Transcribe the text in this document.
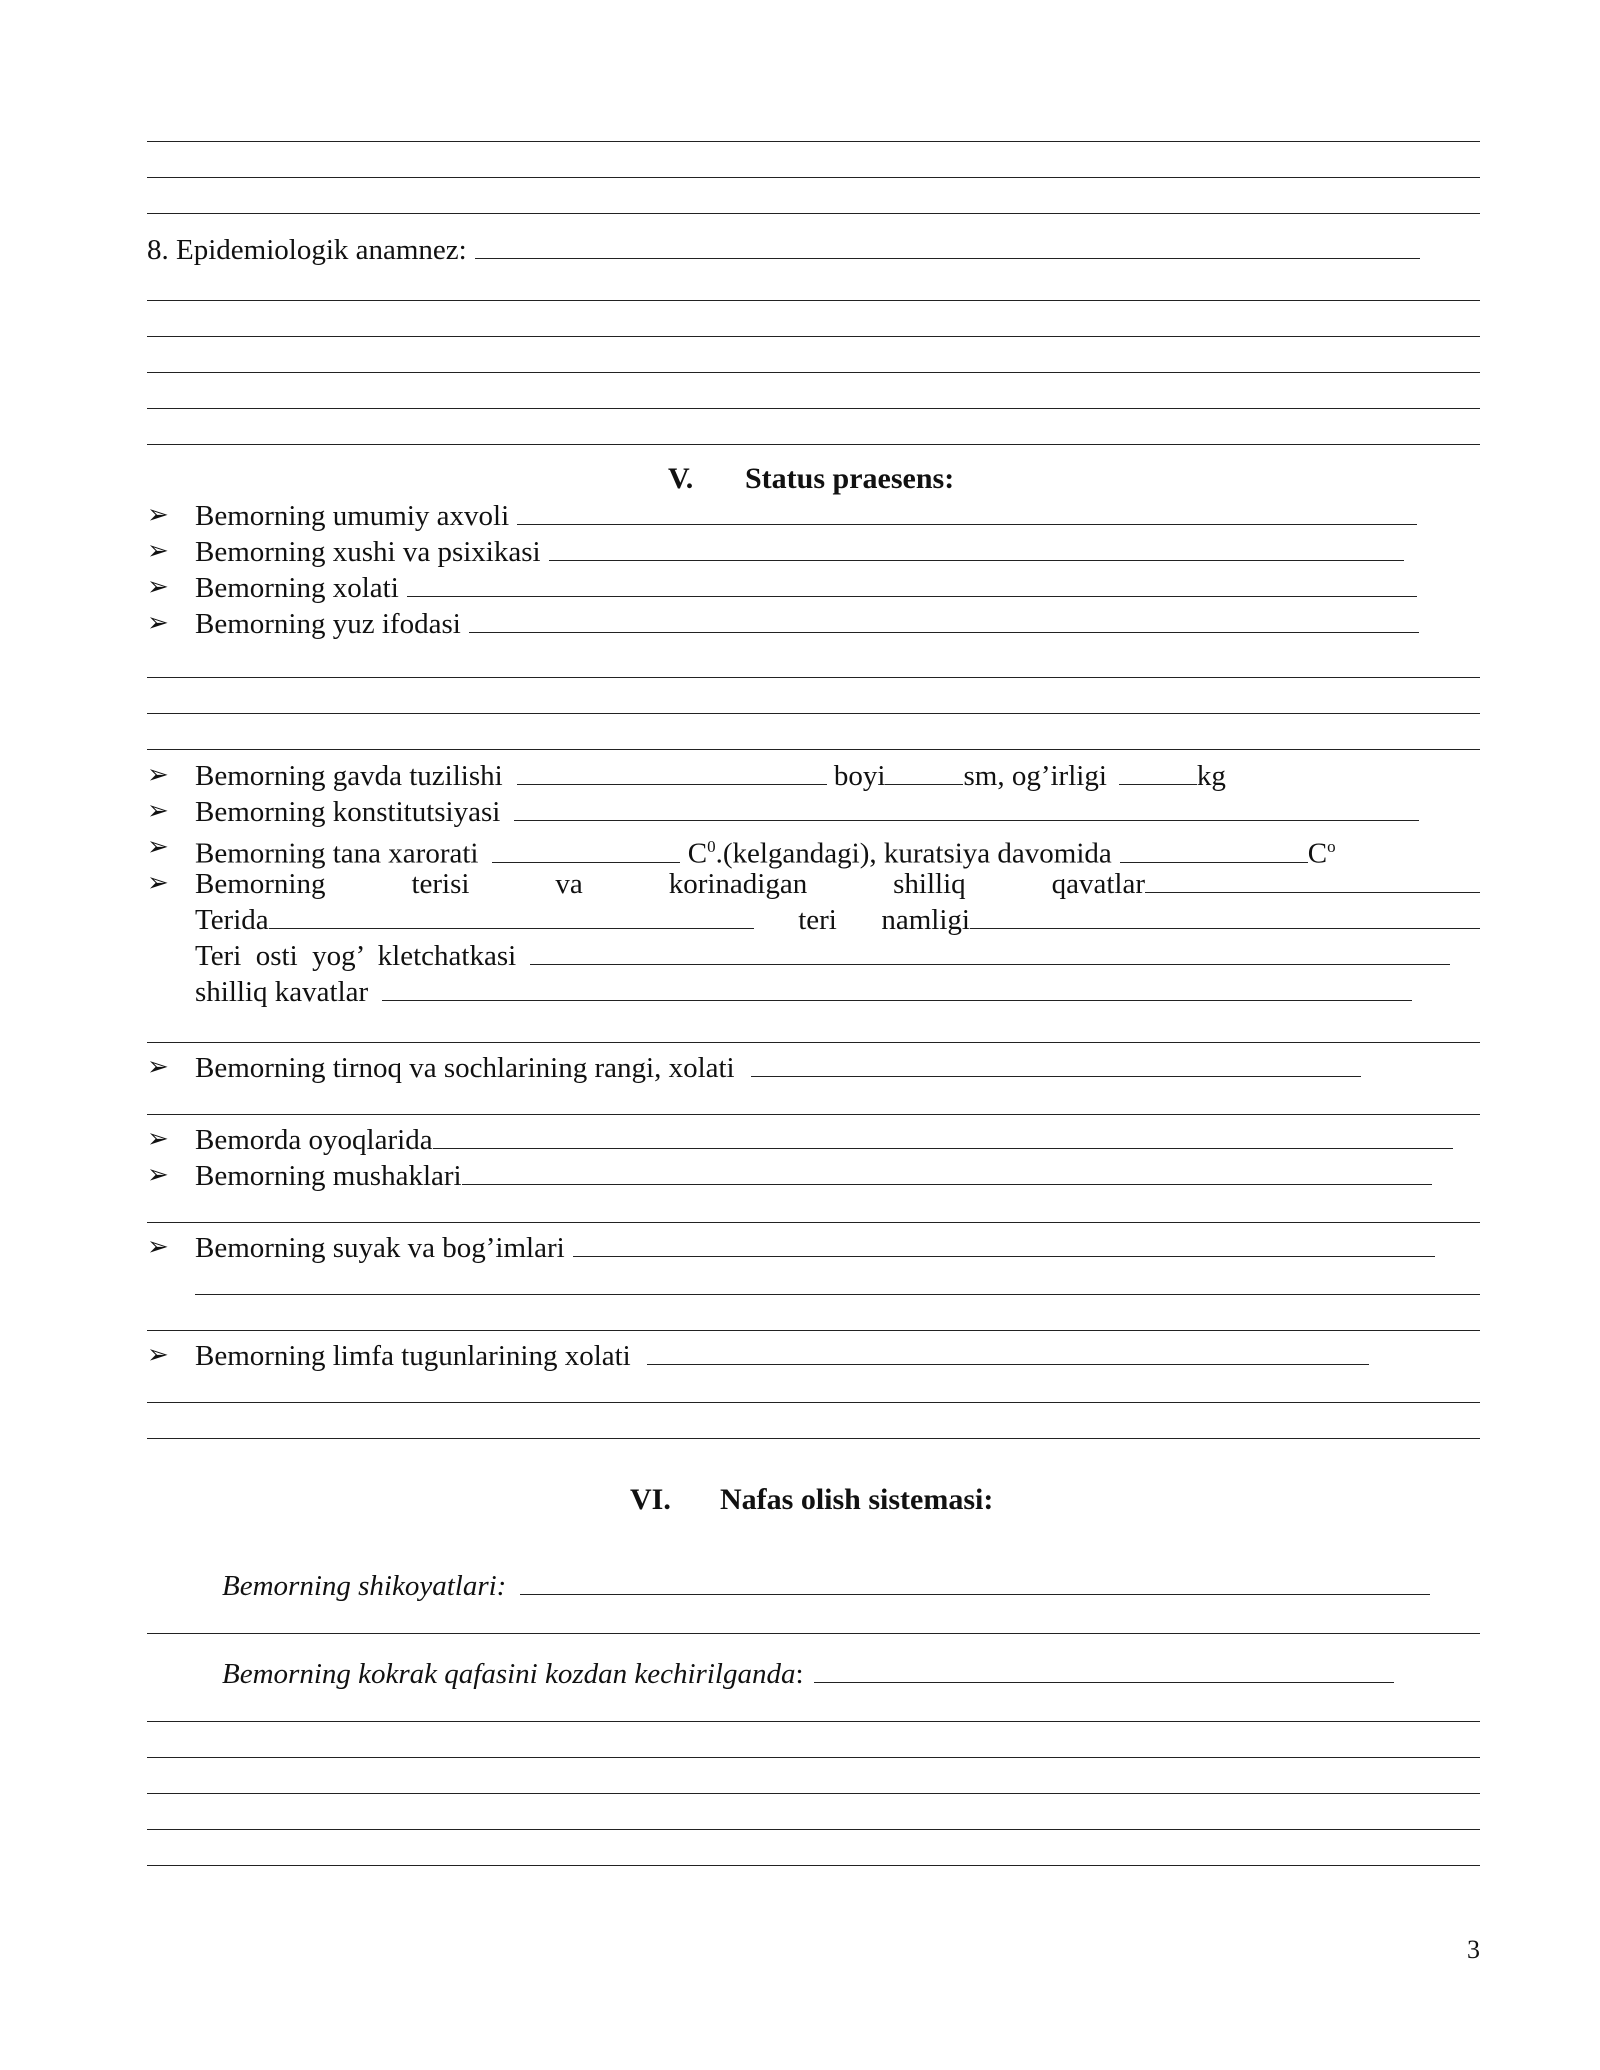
8. Epidemiologik anamnez:
V. Status praesens:
➢ Bemorning umumiy axvoli
➢ Bemorning xushi va psixikasi
➢ Bemorning xolati
➢ Bemorning yuz ifodasi
➢ Bemorning gavda tuzilishi	boyi	sm, og’irligi	kg
➢ Bemorning konstitutsiyasi
➢ Bemorning tana xarorati	$C^0.(kelgandagi)$, kuratsiya davomida	$C^o$
➢ Bemorning	terisi	va	korinadigan	shilliq	qavatlar
Terida	teri namligi
Teri  osti  yog’  kletchatkasi
shilliq kavatlar
➢ Bemorning tirnoq va sochlarining rangi, xolati
➢ Bemorda oyoqlarida
➢ Bemorning mushaklari
➢ Bemorning suyak va bog’imlari
➢ Bemorning limfa tugunlarining xolati
VI. Nafas olish sistemasi:
Bemorning shikoyatlari:
Bemorning kokrak qafasini kozdan kechirilganda:
3
